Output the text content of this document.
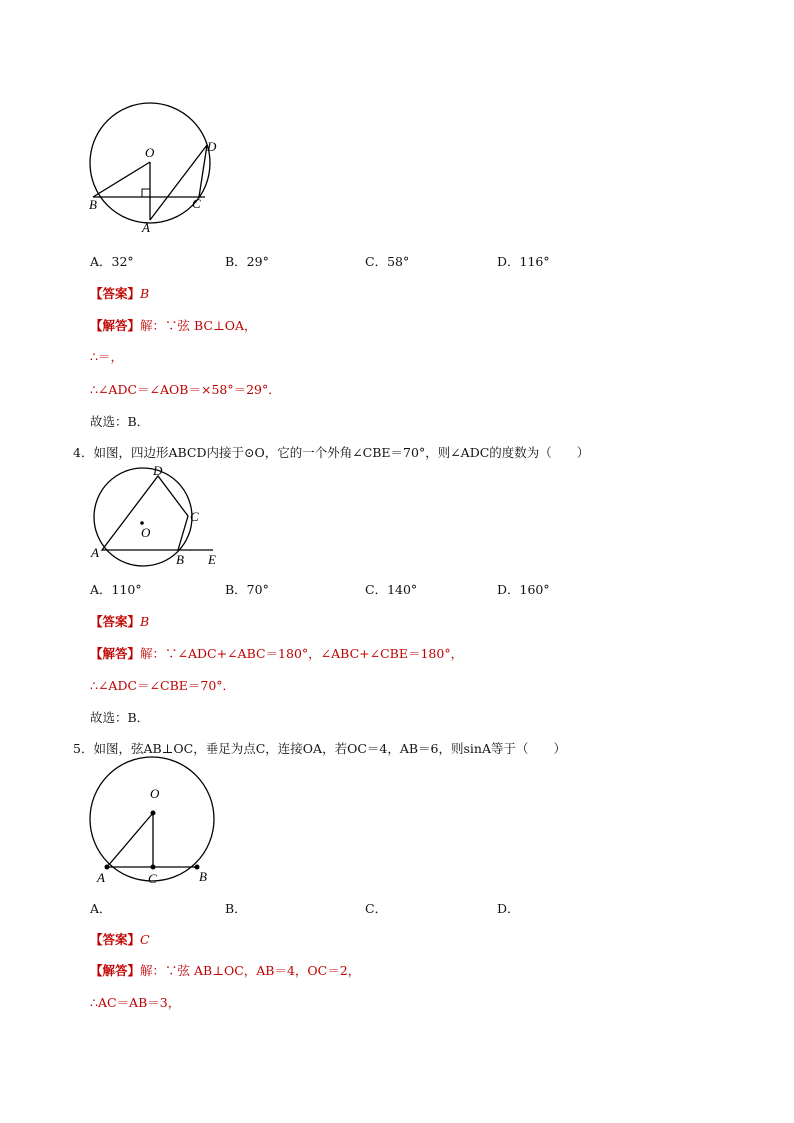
O	D
B	C
A
A．32°	B．29°	C．58°	D．116°
【答案】B
【解答】解：∵弦 BC⊥OA，
∴＝，
∴∠ADC＝∠AOB＝×58°＝29°．
故选：B．
4．如图，四边形ABCD内接于⊙O，它的一个外角∠CBE＝70°，则∠ADC的度数为（　　）
D
C
O
A	B E
A．110°	B．70°	C．140°	D．160°
【答案】B
【解答】解：∵∠ADC+∠ABC＝180°，∠ABC+∠CBE＝180°，
∴∠ADC＝∠CBE＝70°．
故选：B．
5．如图，弦AB⊥OC，垂足为点C，连接OA，若OC＝4，AB＝6，则sinA等于（　　）
O
A	C	B
A．	B．	C．	D．
【答案】C
【解答】解：∵弦 AB⊥OC，AB＝4，OC＝2，
∴AC＝AB＝3，
